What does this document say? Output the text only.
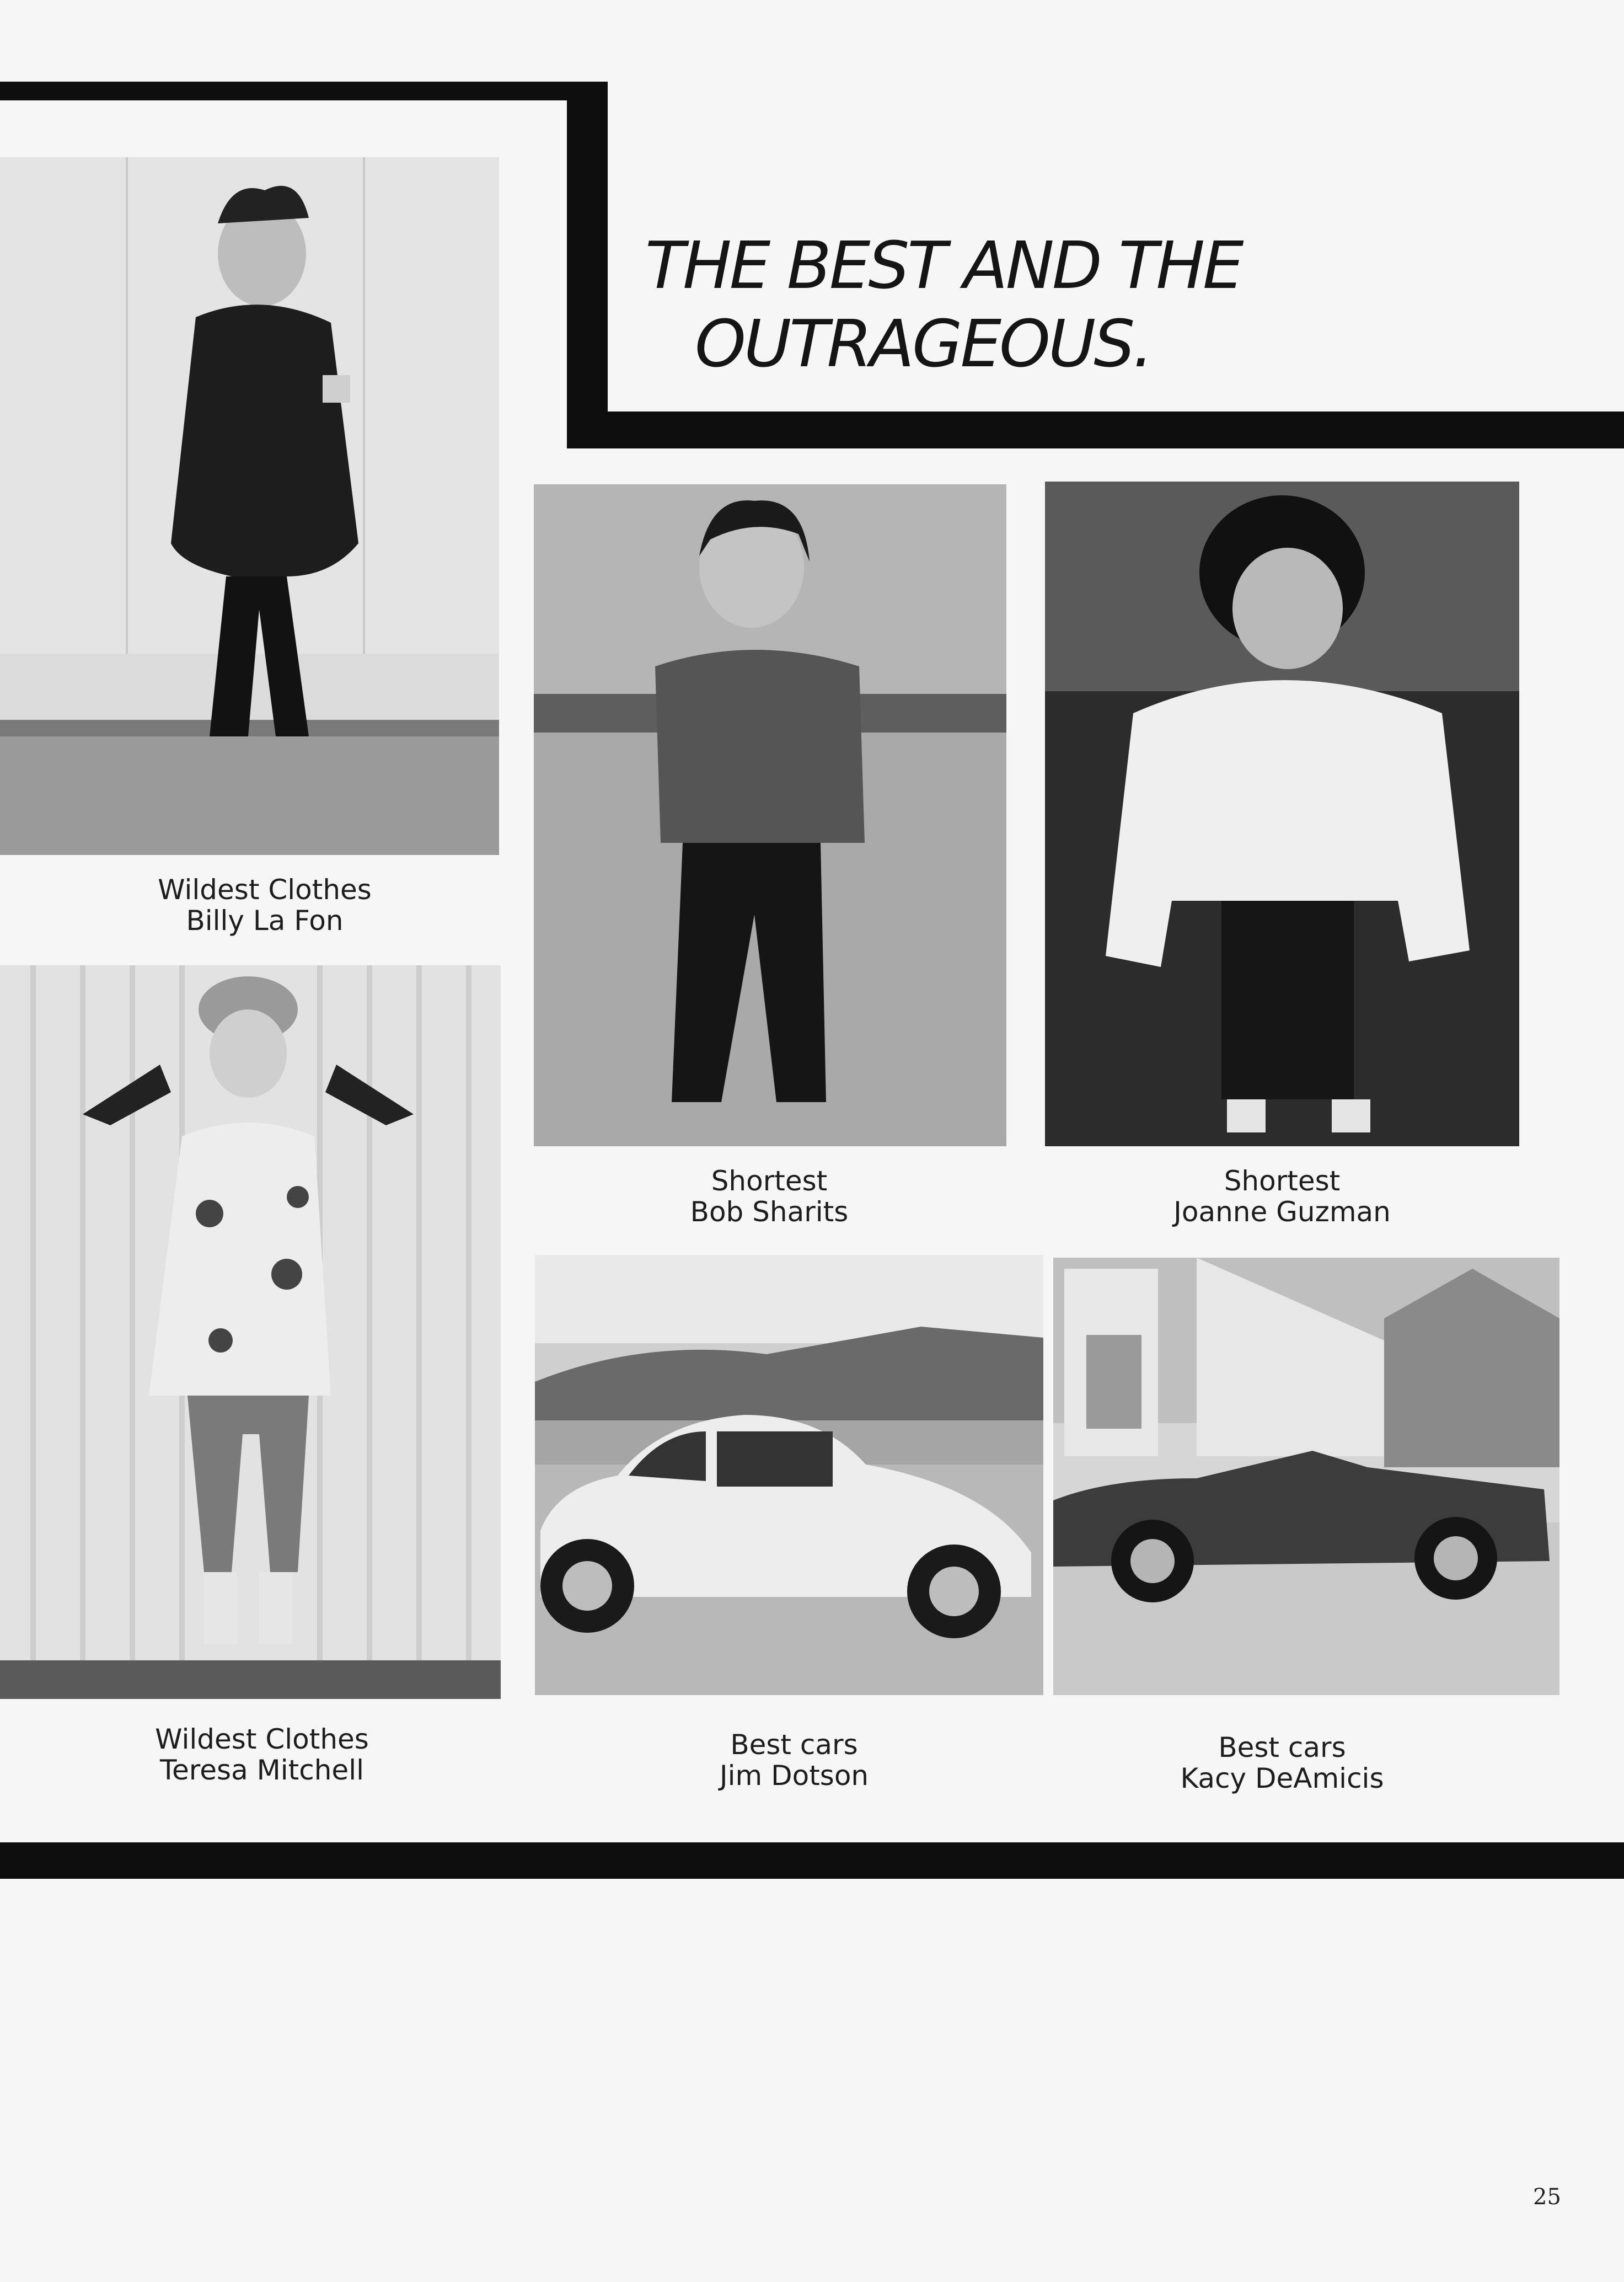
THE BEST AND THE
OUTRAGEOUS.
Wildest Clothes
Billy La Fon
Shortest
Bob Sharits
Shortest
Joanne Guzman
Wildest Clothes
Teresa Mitchell
Best cars
Jim Dotson
Best cars
Kacy DeAmicis
25
